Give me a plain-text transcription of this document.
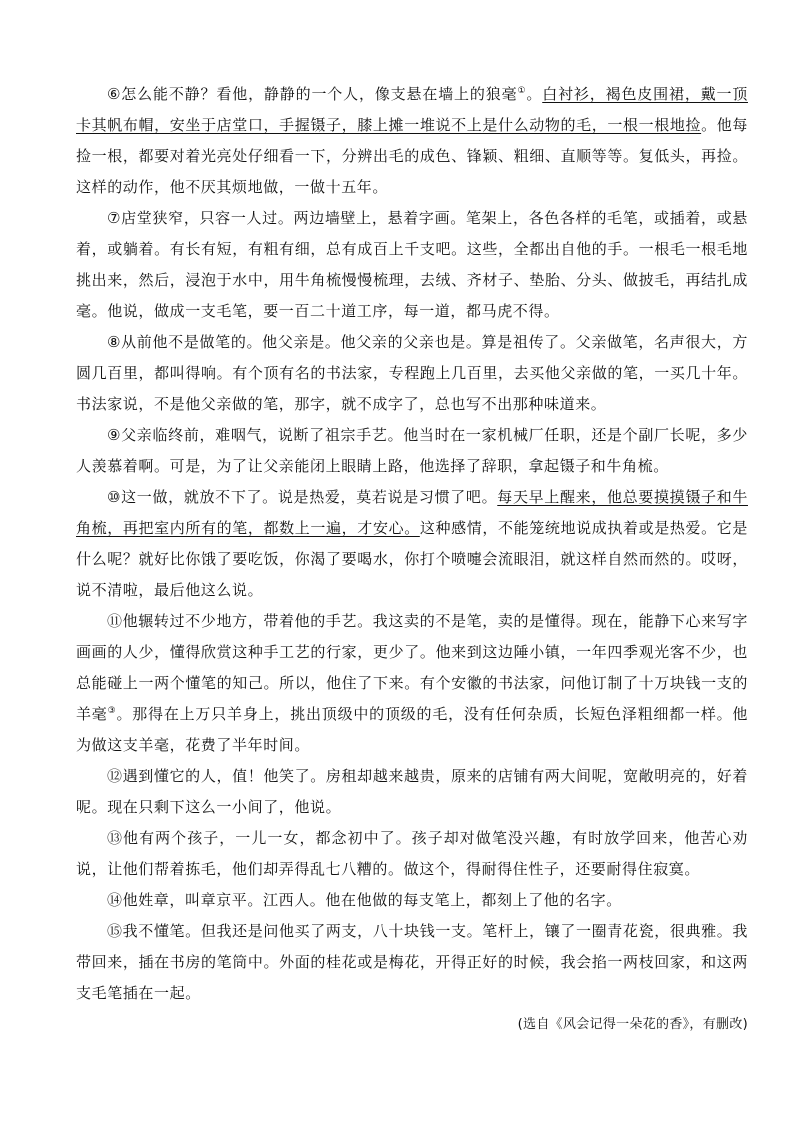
⑥怎么能不静？看他，静静的一个人，像支悬在墙上的狼毫①。白衬衫，褐色皮围裙，戴一顶卡其帆布帽，安坐于店堂口，手握镊子，膝上摊一堆说不上是什么动物的毛，一根一根地捡。他每捡一根，都要对着光亮处仔细看一下，分辨出毛的成色、锋颖、粗细、直顺等等。复低头，再捡。这样的动作，他不厌其烦地做，一做十五年。

⑦店堂狭窄，只容一人过。两边墙壁上，悬着字画。笔架上，各色各样的毛笔，或插着，或悬着，或躺着。有长有短，有粗有细，总有成百上千支吧。这些，全都出自他的手。一根毛一根毛地挑出来，然后，浸泡于水中，用牛角梳慢慢梳理，去绒、齐材子、垫胎、分头、做披毛，再结扎成毫。他说，做成一支毛笔，要一百二十道工序，每一道，都马虎不得。

⑧从前他不是做笔的。他父亲是。他父亲的父亲也是。算是祖传了。父亲做笔，名声很大，方圆几百里，都叫得响。有个顶有名的书法家，专程跑上几百里，去买他父亲做的笔，一买几十年。书法家说，不是他父亲做的笔，那字，就不成字了，总也写不出那种味道来。

⑨父亲临终前，难咽气，说断了祖宗手艺。他当时在一家机械厂任职，还是个副厂长呢，多少人羡慕着啊。可是，为了让父亲能闭上眼睛上路，他选择了辞职，拿起镊子和牛角梳。

⑩这一做，就放不下了。说是热爱，莫若说是习惯了吧。每天早上醒来，他总要摸摸镊子和牛角梳，再把室内所有的笔，都数上一遍，才安心。这种感情，不能笼统地说成执着或是热爱。它是什么呢？就好比你饿了要吃饭，你渴了要喝水，你打个喷嚏会流眼泪，就这样自然而然的。哎呀，说不清啦，最后他这么说。

⑪他辗转过不少地方，带着他的手艺。我这卖的不是笔，卖的是懂得。现在，能静下心来写字画画的人少，懂得欣赏这种手工艺的行家，更少了。他来到这边陲小镇，一年四季观光客不少，也总能碰上一两个懂笔的知己。所以，他住了下来。有个安徽的书法家，问他订制了十万块钱一支的羊毫③。那得在上万只羊身上，挑出顶级中的顶级的毛，没有任何杂质，长短色泽粗细都一样。他为做这支羊毫，花费了半年时间。

⑫遇到懂它的人，值！他笑了。房租却越来越贵，原来的店铺有两大间呢，宽敞明亮的，好着呢。现在只剩下这么一小间了，他说。

⑬他有两个孩子，一儿一女，都念初中了。孩子却对做笔没兴趣，有时放学回来，他苦心劝说，让他们帮着拣毛，他们却弄得乱七八糟的。做这个，得耐得住性子，还要耐得住寂寞。

⑭他姓章，叫章京平。江西人。他在他做的每支笔上，都刻上了他的名字。

⑮我不懂笔。但我还是问他买了两支，八十块钱一支。笔杆上，镶了一圈青花瓷，很典雅。我带回来，插在书房的笔筒中。外面的桂花或是梅花，开得正好的时候，我会掐一两枝回家，和这两支毛笔插在一起。

(选自《风会记得一朵花的香》，有删改)
